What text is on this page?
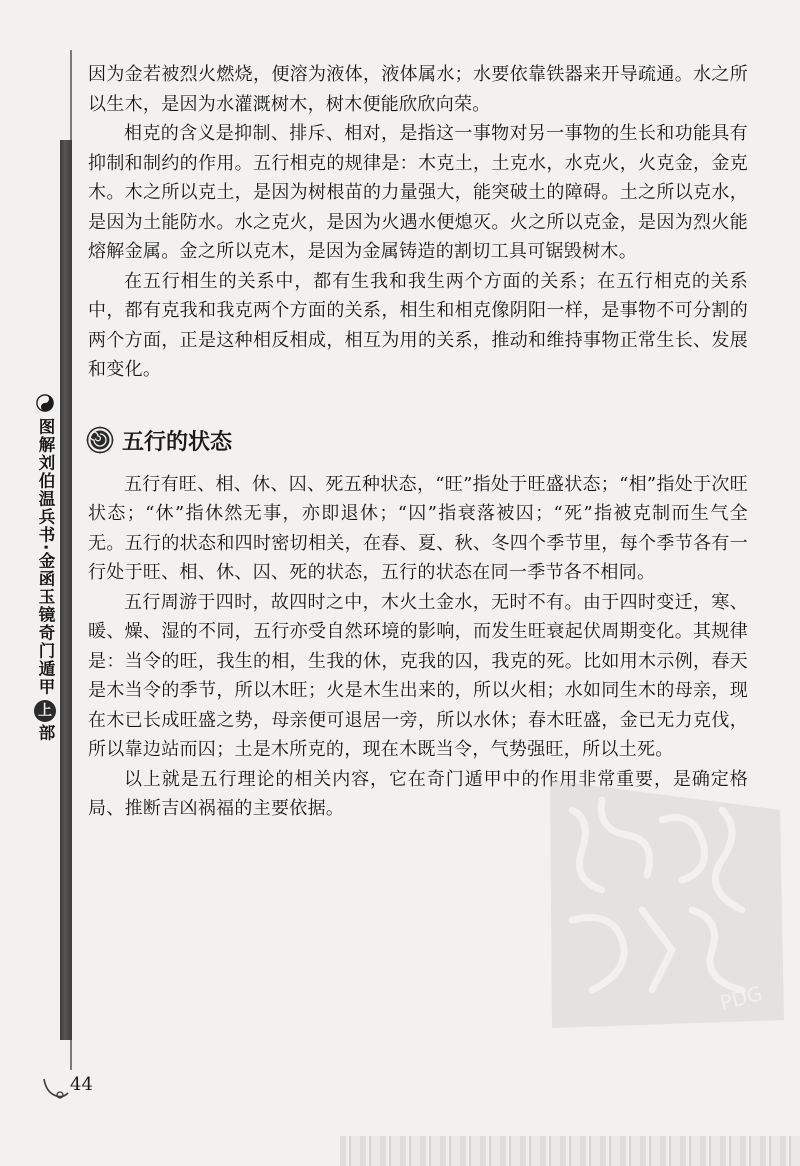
图解刘伯温兵书·金函玉镜奇门遁甲
上
部

因为金若被烈火燃烧，便溶为液体，液体属水；水要依靠铁器来开导疏通。水之所以生木，是因为水灌溉树木，树木便能欣欣向荣。

相克的含义是抑制、排斥、相对，是指这一事物对另一事物的生长和功能具有抑制和制约的作用。五行相克的规律是：木克土，土克水，水克火，火克金，金克木。木之所以克土，是因为树根苗的力量强大，能突破土的障碍。土之所以克水，是因为土能防水。水之克火，是因为火遇水便熄灭。火之所以克金，是因为烈火能熔解金属。金之所以克木，是因为金属铸造的割切工具可锯毁树木。

在五行相生的关系中，都有生我和我生两个方面的关系；在五行相克的关系中，都有克我和我克两个方面的关系，相生和相克像阴阳一样，是事物不可分割的两个方面，正是这种相反相成，相互为用的关系，推动和维持事物正常生长、发展和变化。

五行的状态

五行有旺、相、休、囚、死五种状态，“旺”指处于旺盛状态；“相”指处于次旺状态；“休”指休然无事，亦即退休；“囚”指衰落被囚；“死”指被克制而生气全无。五行的状态和四时密切相关，在春、夏、秋、冬四个季节里，每个季节各有一行处于旺、相、休、囚、死的状态，五行的状态在同一季节各不相同。

五行周游于四时，故四时之中，木火土金水，无时不有。由于四时变迁，寒、暖、燥、湿的不同，五行亦受自然环境的影响，而发生旺衰起伏周期变化。其规律是：当令的旺，我生的相，生我的休，克我的囚，我克的死。比如用木示例，春天是木当令的季节，所以木旺；火是木生出来的，所以火相；水如同生木的母亲，现在木已长成旺盛之势，母亲便可退居一旁，所以水休；春木旺盛，金已无力克伐，所以靠边站而囚；土是木所克的，现在木既当令，气势强旺，所以土死。

以上就是五行理论的相关内容，它在奇门遁甲中的作用非常重要，是确定格局、推断吉凶祸福的主要依据。

PDG
44
